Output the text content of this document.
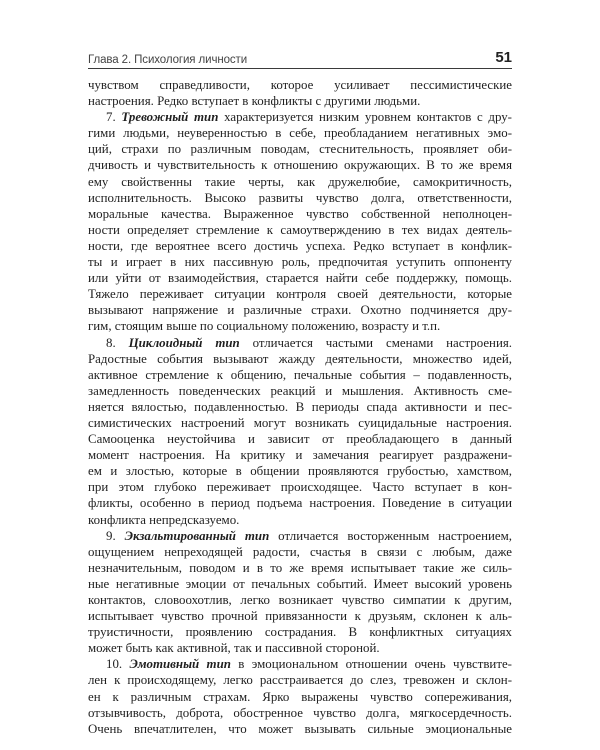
Глава 2. Психология личности	51
чувством справедливости, которое усиливает пессимистические
настроения. Редко вступает в конфликты с другими людьми.
7. Тревожный тип характеризуется низким уровнем контактов с дру-
гими людьми, неуверенностью в себе, преобладанием негативных эмо-
ций, страхи по различным поводам, стеснительность, проявляет оби-
дчивость и чувствительность к отношению окружающих. В то же время
ему свойственны такие черты, как дружелюбие, самокритичность,
исполнительность. Высоко развиты чувство долга, ответственности,
моральные качества. Выраженное чувство собственной неполноцен-
ности определяет стремление к самоутверждению в тех видах деятель-
ности, где вероятнее всего достичь успеха. Редко вступает в конфлик-
ты и играет в них пассивную роль, предпочитая уступить оппоненту
или уйти от взаимодействия, старается найти себе поддержку, помощь.
Тяжело переживает ситуации контроля своей деятельности, которые
вызывают напряжение и различные страхи. Охотно подчиняется дру-
гим, стоящим выше по социальному положению, возрасту и т.п.
8. Циклоидный тип отличается частыми сменами настроения.
Радостные события вызывают жажду деятельности, множество идей,
активное стремление к общению, печальные события – подавленность,
замедленность поведенческих реакций и мышления. Активность сме-
няется вялостью, подавленностью. В периоды спада активности и пес-
симистических настроений могут возникать суицидальные настроения.
Самооценка неустойчива и зависит от преобладающего в данный
момент настроения. На критику и замечания реагирует раздражени-
ем и злостью, которые в общении проявляются грубостью, хамством,
при этом глубоко переживает происходящее. Часто вступает в кон-
фликты, особенно в период подъема настроения. Поведение в ситуации
конфликта непредсказуемо.
9. Экзальтированный тип отличается восторженным настроением,
ощущением непреходящей радости, счастья в связи с любым, даже
незначительным, поводом и в то же время испытывает такие же силь-
ные негативные эмоции от печальных событий. Имеет высокий уровень
контактов, словоохотлив, легко возникает чувство симпатии к другим,
испытывает чувство прочной привязанности к друзьям, склонен к аль-
труистичности, проявлению сострадания. В конфликтных ситуациях
может быть как активной, так и пассивной стороной.
10. Эмотивный тип в эмоциональном отношении очень чувствите-
лен к происходящему, легко расстраивается до слез, тревожен и склон-
ен к различным страхам. Ярко выражены чувство сопереживания,
отзывчивость, доброта, обостренное чувство долга, мягкосердечность.
Очень впечатлителен, что может вызывать сильные эмоциональные
